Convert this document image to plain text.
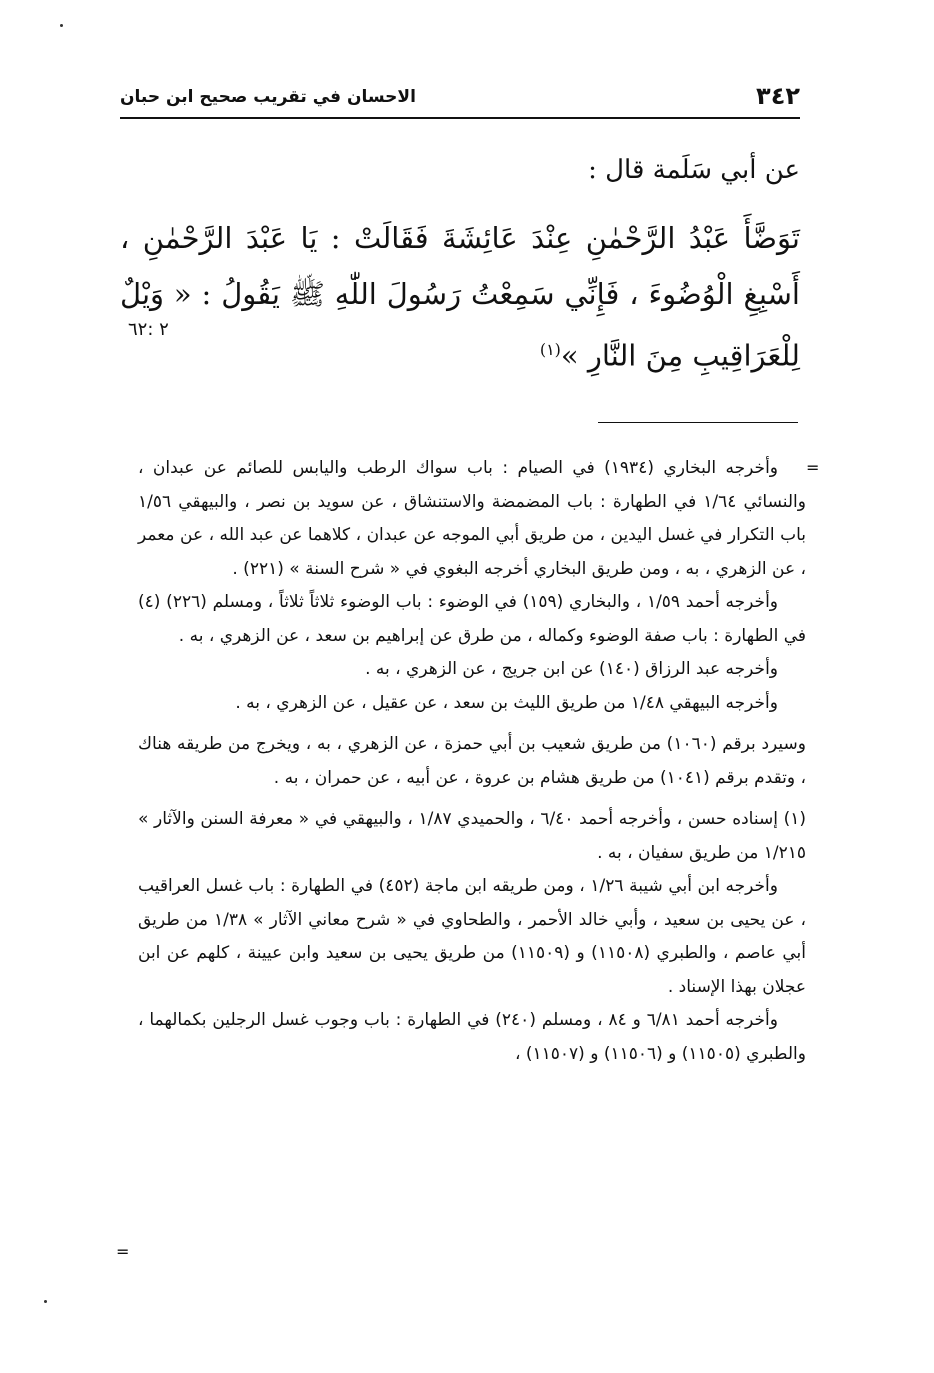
٣٤٢
الاحسان في تقريب صحيح ابن حبان
عن أبي سَلَمة قال :
تَوَضَّأَ عَبْدُ الرَّحْمٰنِ عِنْدَ عَائِشَةَ فَقَالَتْ : يَا عَبْدَ الرَّحْمٰنِ ، أَسْبِغِ الْوُضُوءَ ، فَإِنِّي سَمِعْتُ رَسُولَ اللّٰهِ ﷺ يَقُولُ : « وَيْلٌ لِلْعَرَاقِيبِ مِنَ النَّارِ »$^{(١)}$
٢ :٦٢
=

وأخرجه البخاري (١٩٣٤) في الصيام : باب سواك الرطب واليابس للصائم عن عبدان ، والنسائي ١/٦٤ في الطهارة : باب المضمضة والاستنشاق ، عن سويد بن نصر ، والبيهقي ١/٥٦ باب التكرار في غسل اليدين ، من طريق أبي الموجه عن عبدان ، كلاهما عن عبد الله ، عن معمر ، عن الزهري ، به ، ومن طريق البخاري أخرجه البغوي في « شرح السنة » (٢٢١) .

وأخرجه أحمد ١/٥٩ ، والبخاري (١٥٩) في الوضوء : باب الوضوء ثلاثاً ثلاثاً ، ومسلم (٢٢٦) (٤) في الطهارة : باب صفة الوضوء وكماله ، من طرق عن إبراهيم بن سعد ، عن الزهري ، به .

وأخرجه عبد الرزاق (١٤٠) عن ابن جريج ، عن الزهري ، به .

وأخرجه البيهقي ١/٤٨ من طريق الليث بن سعد ، عن عقيل ، عن الزهري ، به .

وسيرد برقم (١٠٦٠) من طريق شعيب بن أبي حمزة ، عن الزهري ، به ، ويخرج من طريقه هناك ، وتقدم برقم (١٠٤١) من طريق هشام بن عروة ، عن أبيه ، عن حمران ، به .

(١) إسناده حسن ، وأخرجه أحمد ٦/٤٠ ، والحميدي ١/٨٧ ، والبيهقي في « معرفة السنن والآثار » ١/٢١٥ من طريق سفيان ، به .

وأخرجه ابن أبي شيبة ١/٢٦ ، ومن طريقه ابن ماجة (٤٥٢) في الطهارة : باب غسل العراقيب ، عن يحيى بن سعيد ، وأبي خالد الأحمر ، والطحاوي في « شرح معاني الآثار » ١/٣٨ من طريق أبي عاصم ، والطبري (١١٥٠٨) و (١١٥٠٩) من طريق يحيى بن سعيد وابن عيينة ، كلهم عن ابن عجلان بهذا الإسناد .

وأخرجه أحمد ٦/٨١ و ٨٤ ، ومسلم (٢٤٠) في الطهارة : باب وجوب غسل الرجلين بكمالهما ، والطبري (١١٥٠٥) و (١١٥٠٦) و (١١٥٠٧) ،

=
